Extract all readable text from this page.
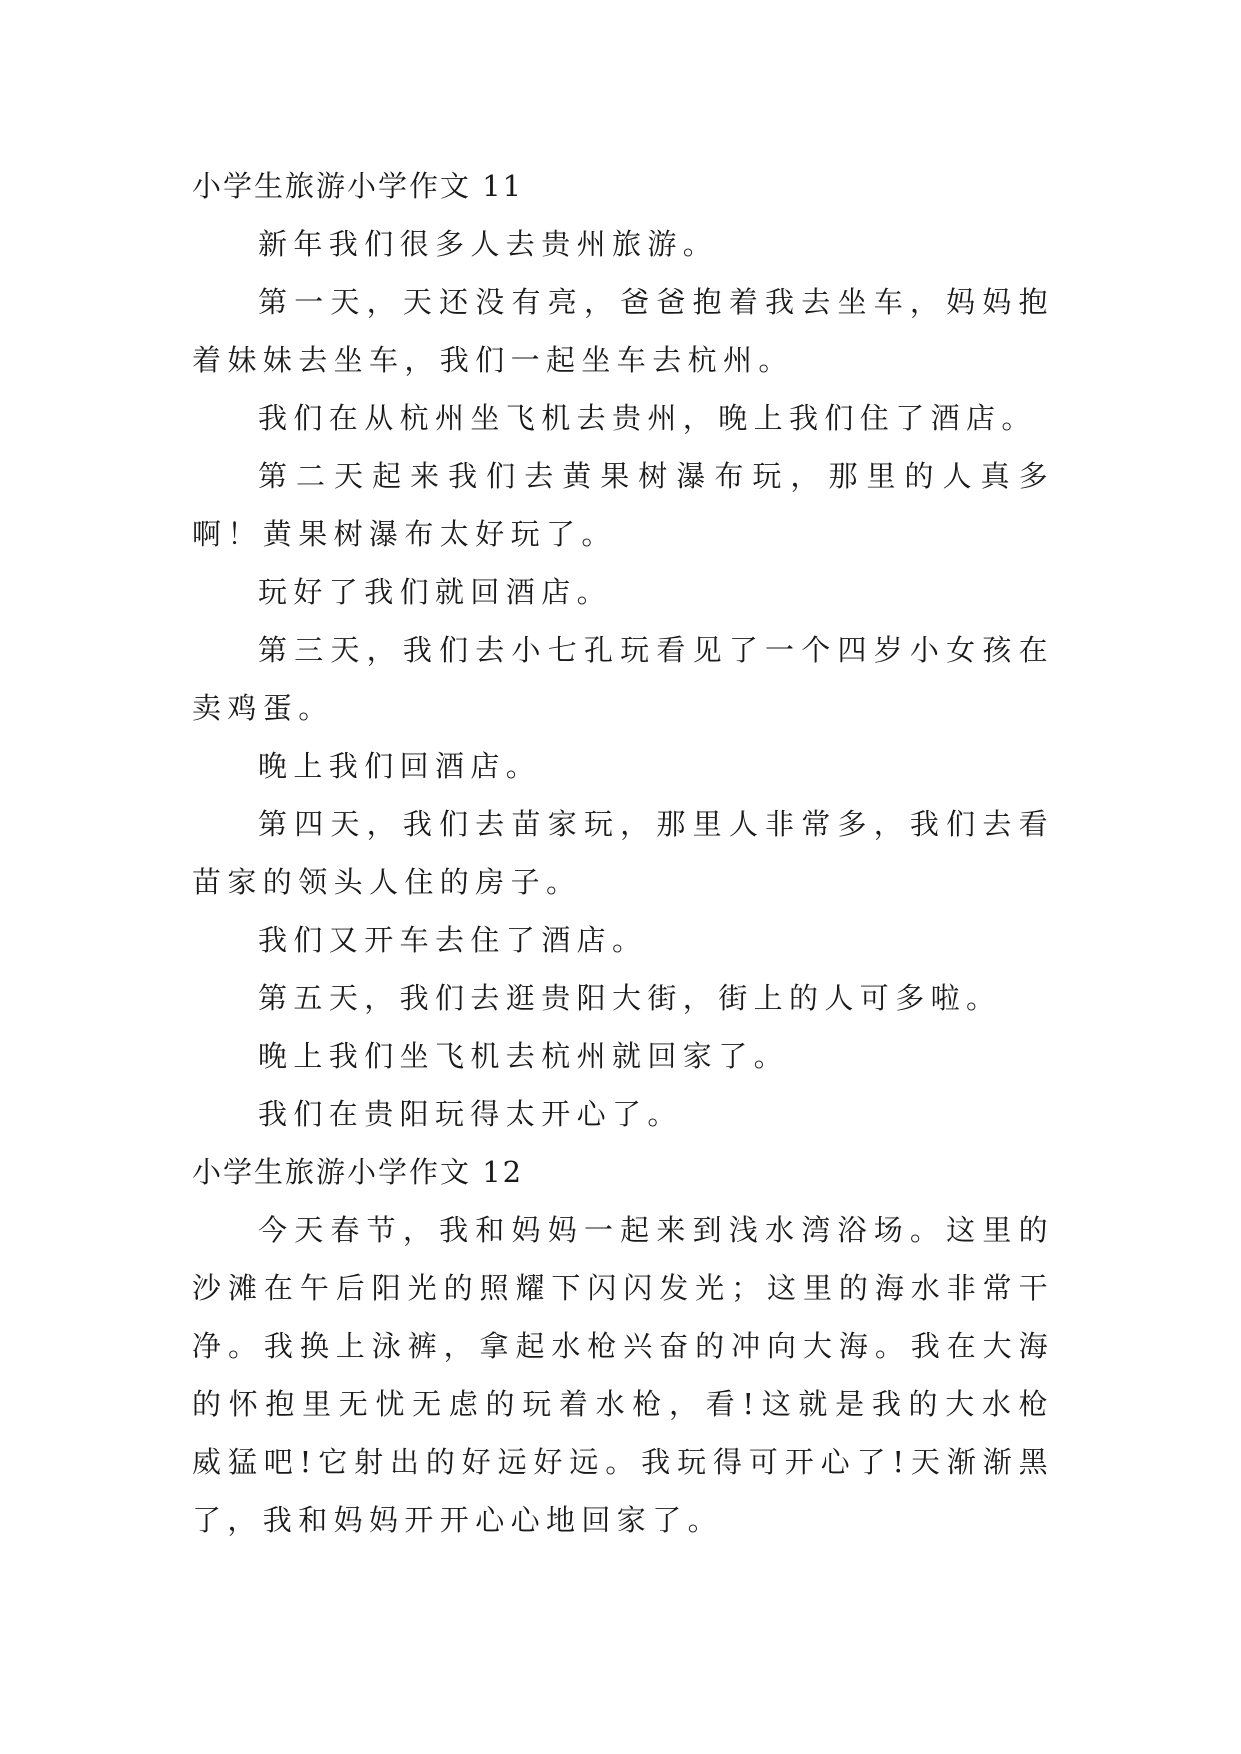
小学生旅游小学作文 11

新年我们很多人去贵州旅游。

第一天，天还没有亮，爸爸抱着我去坐车，妈妈抱着妹妹去坐车，我们一起坐车去杭州。

我们在从杭州坐飞机去贵州，晚上我们住了酒店。

第二天起来我们去黄果树瀑布玩，那里的人真多啊！黄果树瀑布太好玩了。

玩好了我们就回酒店。

第三天，我们去小七孔玩看见了一个四岁小女孩在卖鸡蛋。

晚上我们回酒店。

第四天，我们去苗家玩，那里人非常多，我们去看苗家的领头人住的房子。

我们又开车去住了酒店。

第五天，我们去逛贵阳大街，街上的人可多啦。

晚上我们坐飞机去杭州就回家了。

我们在贵阳玩得太开心了。

小学生旅游小学作文 12

今天春节，我和妈妈一起来到浅水湾浴场。这里的沙滩在午后阳光的照耀下闪闪发光；这里的海水非常干净。我换上泳裤，拿起水枪兴奋的冲向大海。我在大海的怀抱里无忧无虑的玩着水枪，看!这就是我的大水枪威猛吧!它射出的好远好远。我玩得可开心了!天渐渐黑了，我和妈妈开开心心地回家了。
